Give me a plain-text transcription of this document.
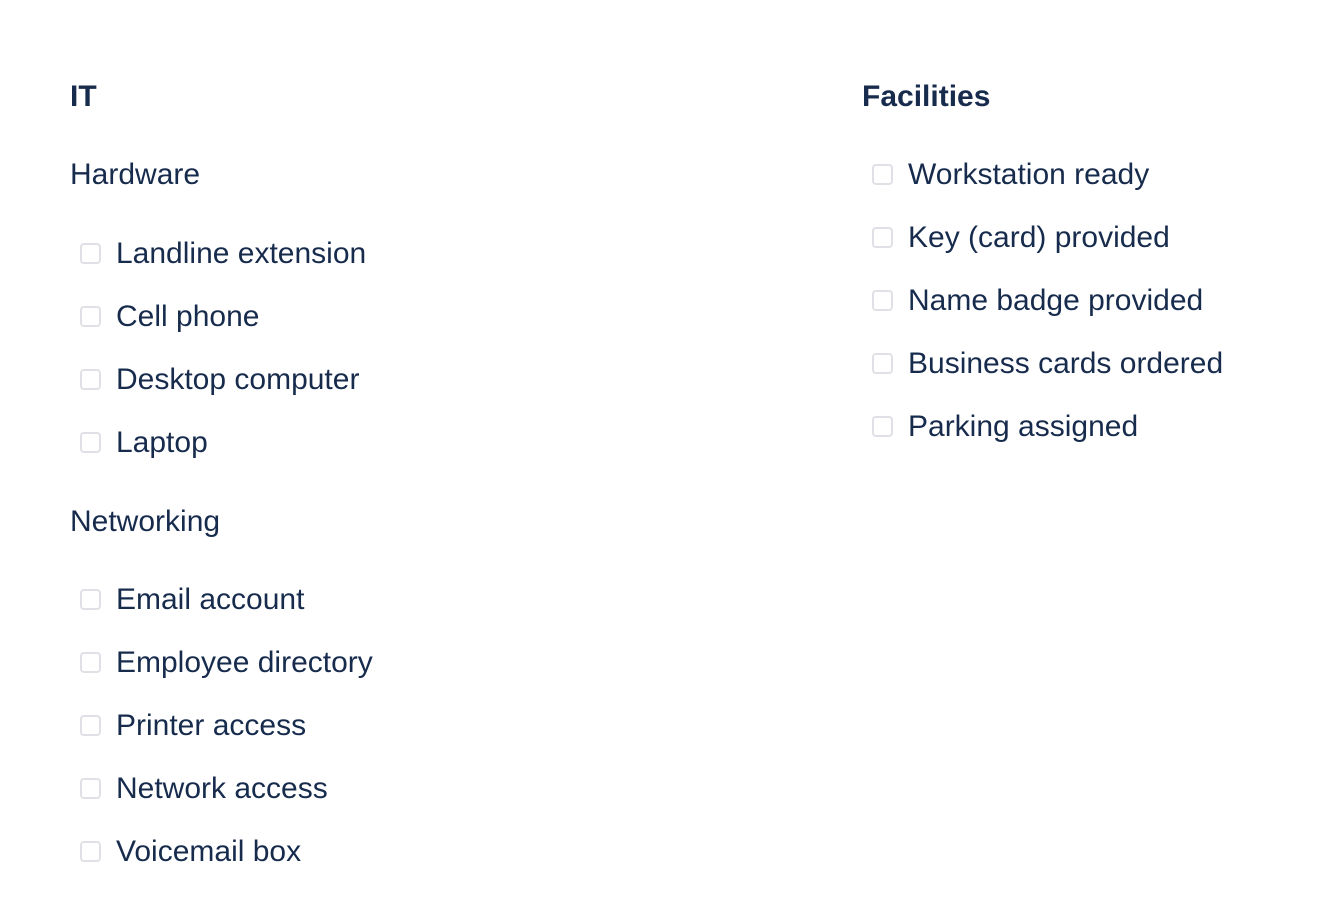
IT
Hardware
Landline extension
Cell phone
Desktop computer
Laptop
Networking
Email account
Employee directory
Printer access
Network access
Voicemail box
Facilities
Workstation ready
Key (card) provided
Name badge provided
Business cards ordered
Parking assigned
